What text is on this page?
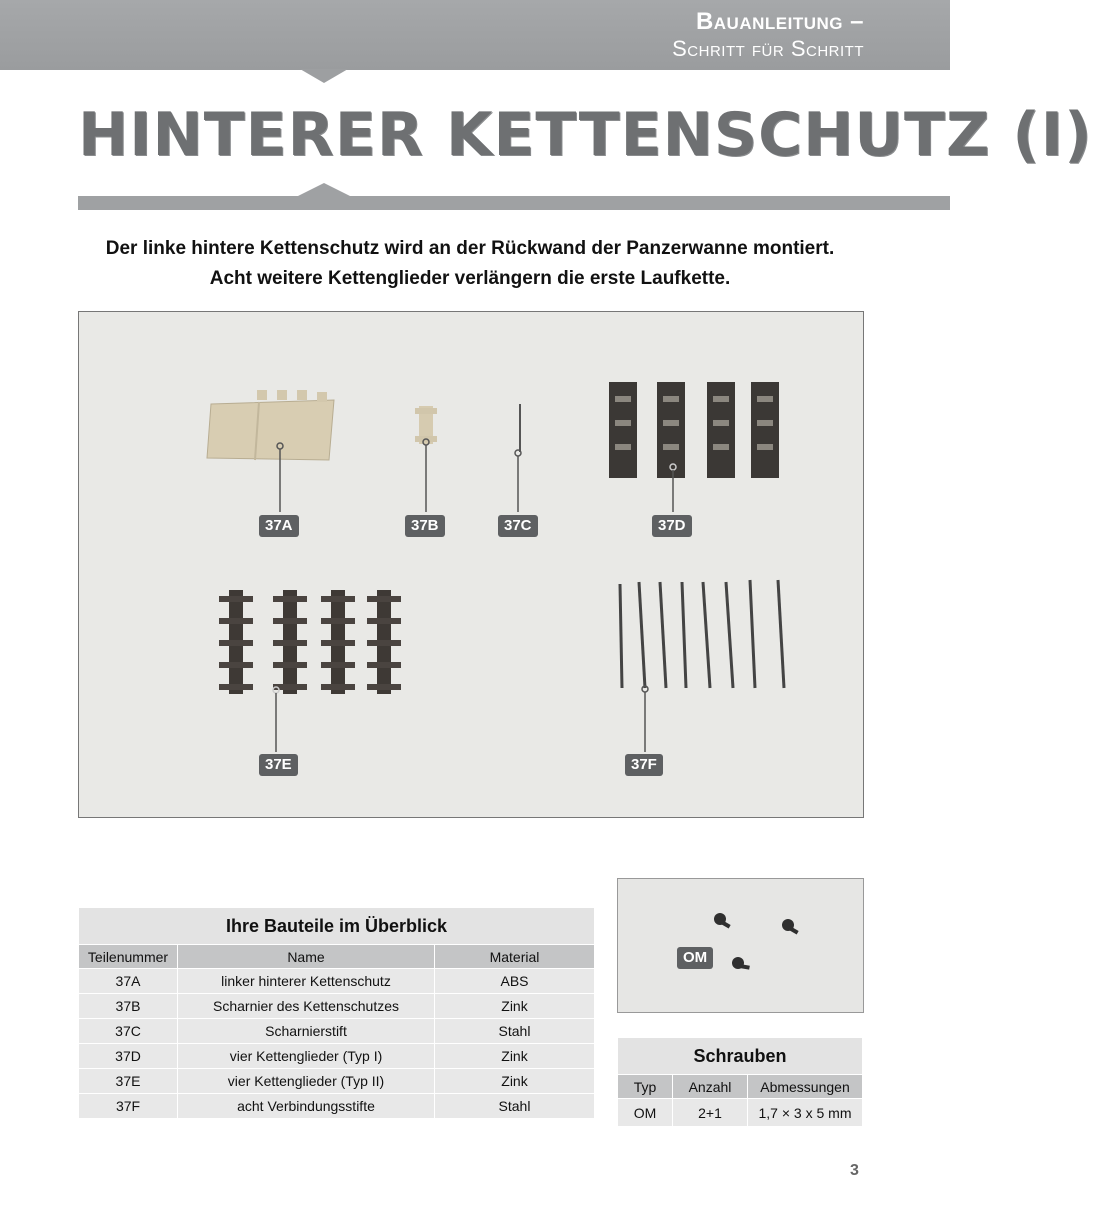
Bauanleitung –
Schritt für Schritt
HINTERER KETTENSCHUTZ (I)
Der linke hintere Kettenschutz wird an der Rückwand der Panzerwanne montiert.
Acht weitere Kettenglieder verlängern die erste Laufkette.
37A	37B	37C	37D
37E	37F
Ihre Bauteile im Überblick		
Teilenummer	Name	Material
37A	linker hinterer Kettenschutz	ABS
37B	Scharnier des Kettenschutzes	Zink
37C	Scharnierstift	Stahl
37D	vier Kettenglieder (Typ I)	Zink
37E	vier Kettenglieder (Typ II)	Zink
37F	acht Verbindungsstifte	Stahl
OM
Schrauben		
Typ	Anzahl	Abmessungen
OM	2+1	1,7 × 3 x 5 mm
3
